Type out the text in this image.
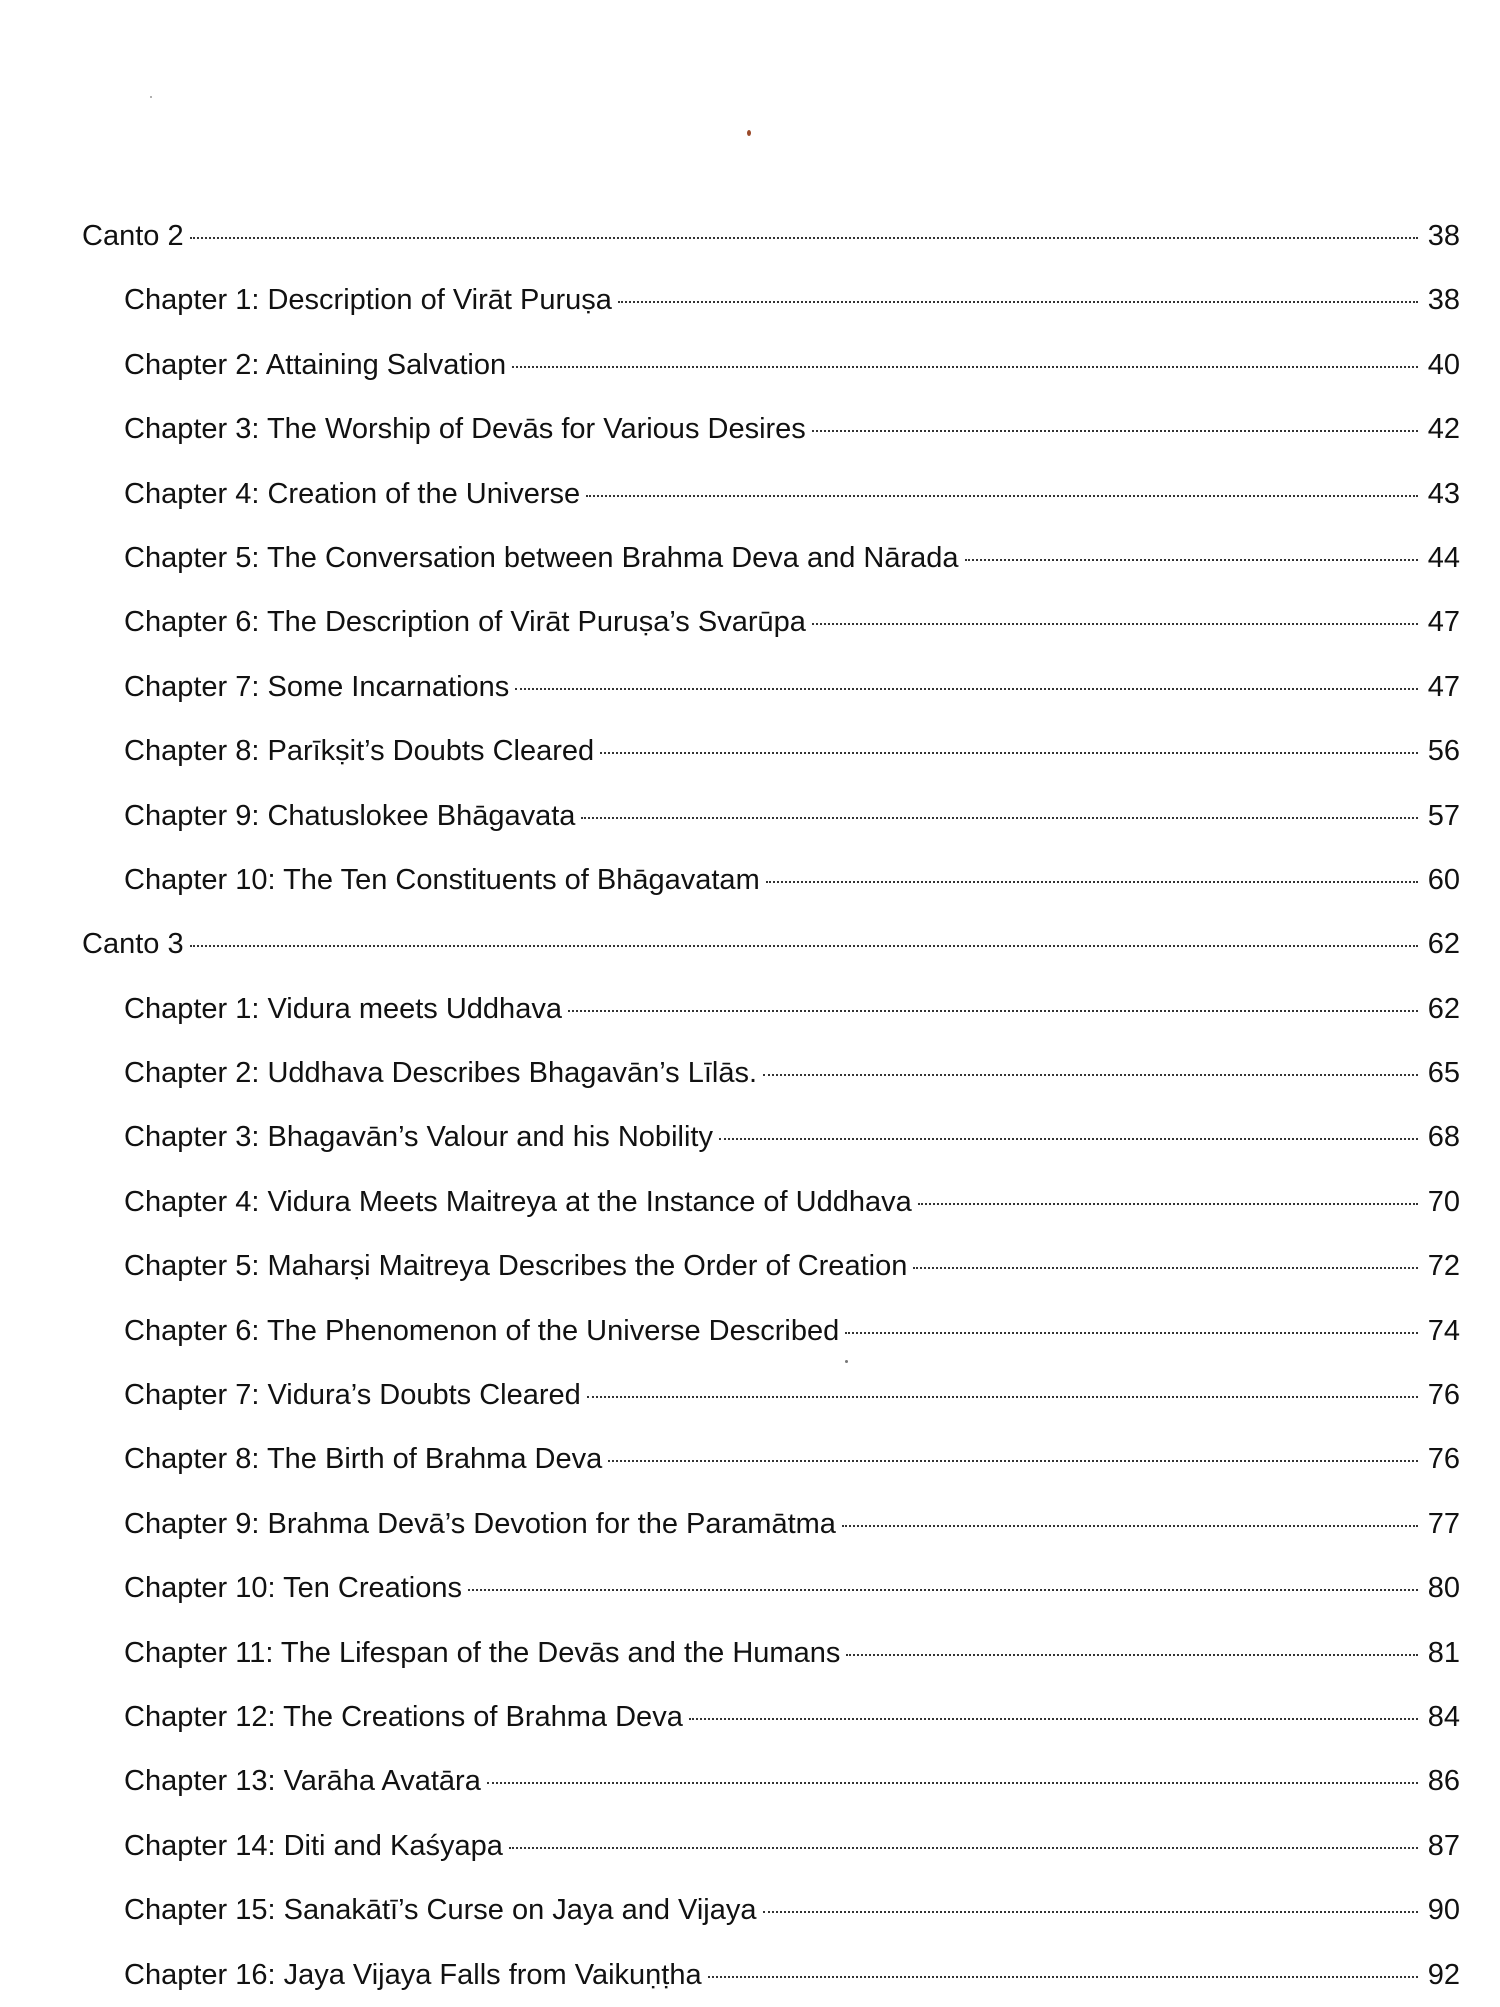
Canto 2	38
Chapter 1: Description of Virāt Puruṣa	38
Chapter 2: Attaining Salvation	40
Chapter 3: The Worship of Devās for Various Desires	42
Chapter 4: Creation of the Universe	43
Chapter 5: The Conversation between Brahma Deva and Nārada	44
Chapter 6: The Description of Virāt Puruṣa’s Svarūpa	47
Chapter 7: Some Incarnations	47
Chapter 8: Parīkṣit’s Doubts Cleared	56
Chapter 9: Chatuslokee Bhāgavata	57
Chapter 10: The Ten Constituents of Bhāgavatam	60
Canto 3	62
Chapter 1: Vidura meets Uddhava	62
Chapter 2: Uddhava Describes Bhagavān’s Līlās.	65
Chapter 3: Bhagavān’s Valour and his Nobility	68
Chapter 4: Vidura Meets Maitreya at the Instance of Uddhava	70
Chapter 5: Maharṣi Maitreya Describes the Order of Creation	72
Chapter 6: The Phenomenon of the Universe Described	74
Chapter 7: Vidura’s Doubts Cleared	76
Chapter 8: The Birth of Brahma Deva	76
Chapter 9: Brahma Devā’s Devotion for the Paramātma	77
Chapter 10: Ten Creations	80
Chapter 11: The Lifespan of the Devās and the Humans	81
Chapter 12: The Creations of Brahma Deva	84
Chapter 13: Varāha Avatāra	86
Chapter 14: Diti and Kaśyapa	87
Chapter 15: Sanakātī’s Curse on Jaya and Vijaya	90
Chapter 16: Jaya Vijaya Falls from Vaikuṇṭha	92
